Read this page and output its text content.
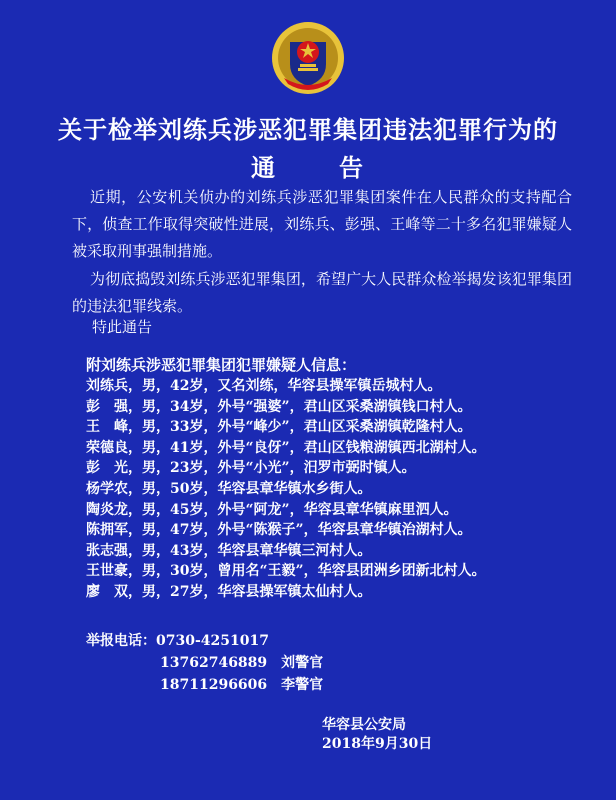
关于检举刘练兵涉恶犯罪集团违法犯罪行为的
通	告
近期，公安机关侦办的刘练兵涉恶犯罪集团案件在人民群众的支持配合下，侦查工作取得突破性进展，刘练兵、彭强、王峰等二十多名犯罪嫌疑人被采取刑事强制措施。
为彻底捣毁刘练兵涉恶犯罪集团，希望广大人民群众检举揭发该犯罪集团的违法犯罪线索。
特此通告
附刘练兵涉恶犯罪集团犯罪嫌疑人信息：
刘练兵，男，42岁，又名刘练，华容县操军镇岳城村人。
彭　强，男，34岁，外号“强婆”，君山区采桑湖镇钱口村人。
王　峰，男，33岁，外号“峰少”，君山区采桑湖镇乾隆村人。
荣德良，男，41岁，外号“良伢”，君山区钱粮湖镇西北湖村人。
彭　光，男，23岁，外号“小光”，汨罗市弼时镇人。
杨学农，男，50岁，华容县章华镇水乡街人。
陶炎龙，男，45岁，外号“阿龙”，华容县章华镇麻里泗人。
陈拥军，男，47岁，外号“陈猴子”，华容县章华镇治湖村人。
张志强，男，43岁，华容县章华镇三河村人。
王世豪，男，30岁，曾用名“王毅”，华容县团洲乡团新北村人。
廖　双，男，27岁，华容县操军镇太仙村人。
举报电话：0730-4251017
13762746889　刘警官
18711296606　李警官
华容县公安局
2018年9月30日
